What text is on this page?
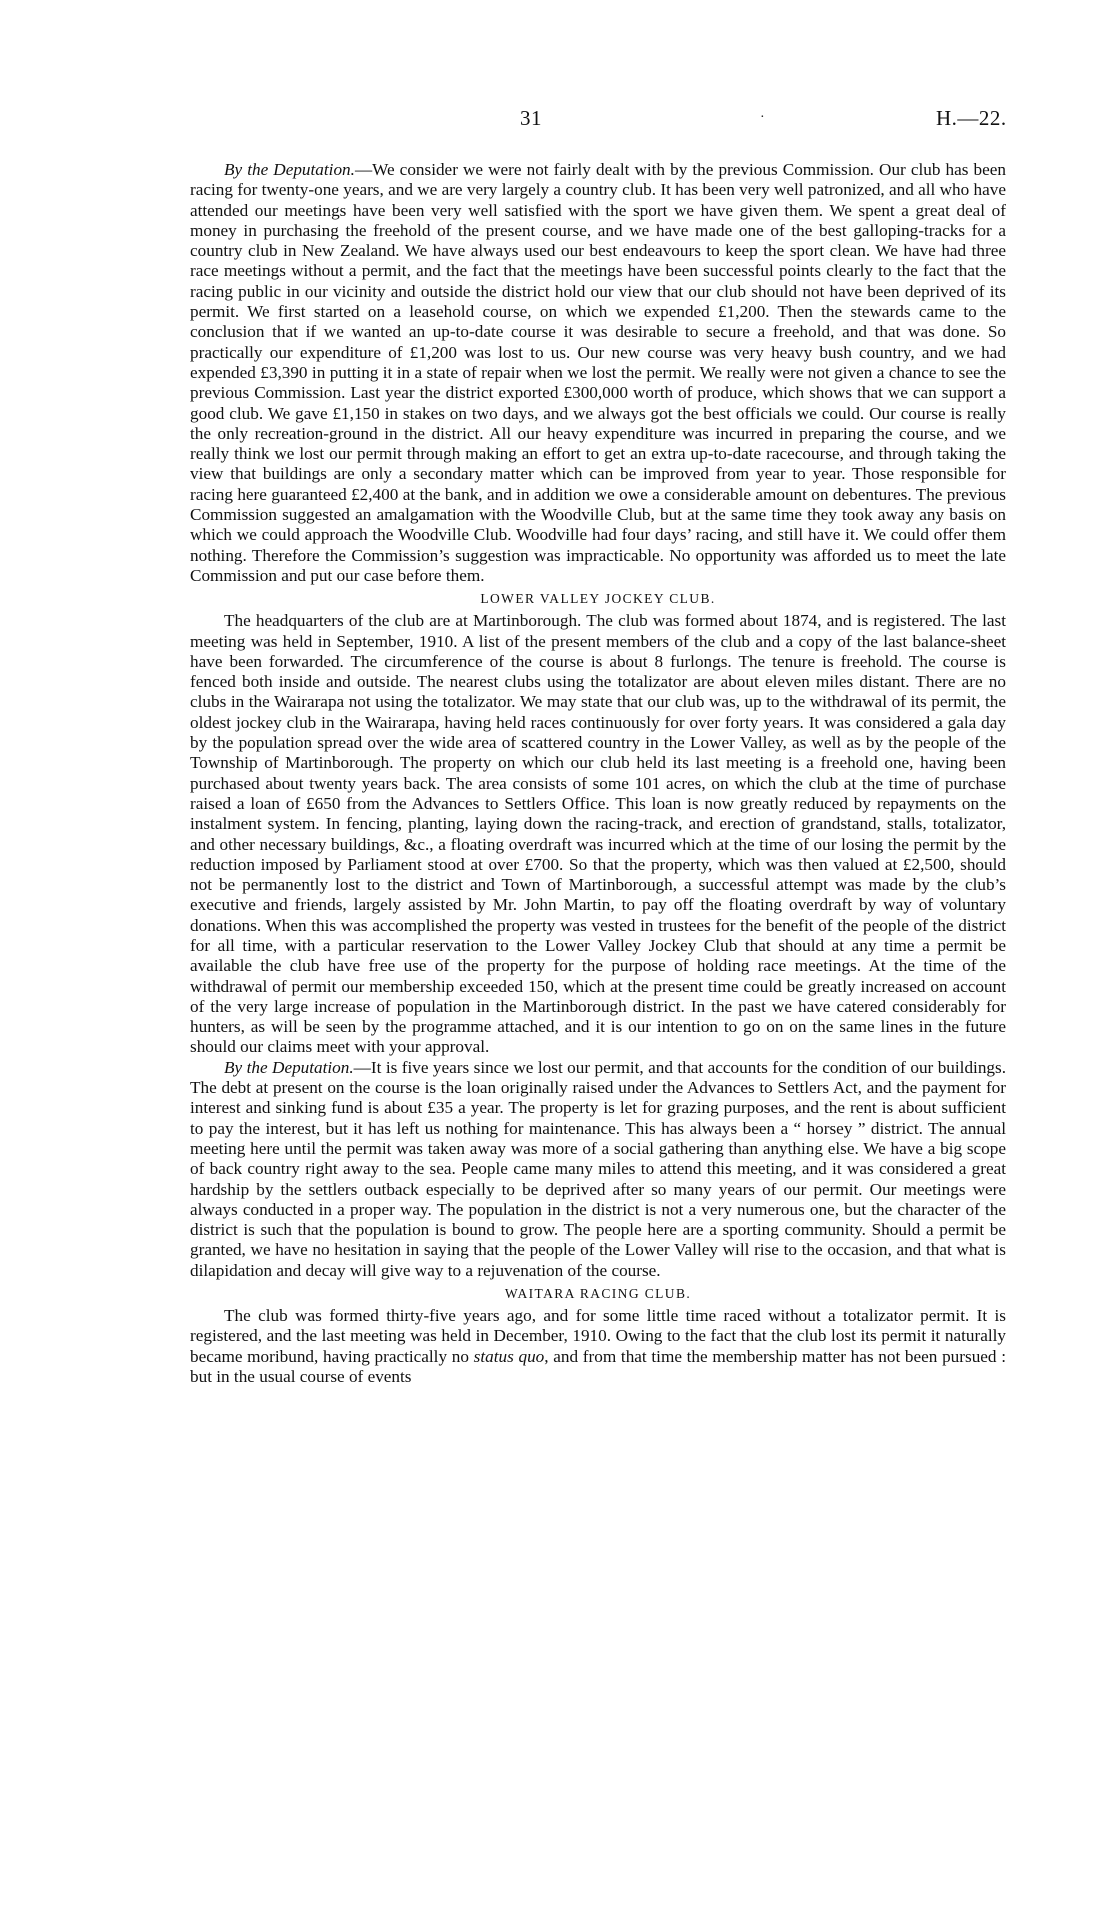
31	·	H.—22.

By the Deputation.—We consider we were not fairly dealt with by the previous Commission. Our club has been racing for twenty-one years, and we are very largely a country club. It has been very well patronized, and all who have attended our meetings have been very well satisfied with the sport we have given them. We spent a great deal of money in purchasing the freehold of the present course, and we have made one of the best galloping-tracks for a country club in New Zealand. We have always used our best endeavours to keep the sport clean. We have had three race meetings without a permit, and the fact that the meetings have been successful points clearly to the fact that the racing public in our vicinity and outside the district hold our view that our club should not have been deprived of its permit. We first started on a leasehold course, on which we expended £1,200. Then the stewards came to the conclusion that if we wanted an up-to-date course it was desirable to secure a freehold, and that was done. So practically our expenditure of £1,200 was lost to us. Our new course was very heavy bush country, and we had expended £3,390 in putting it in a state of repair when we lost the permit. We really were not given a chance to see the previous Commission. Last year the district exported £300,000 worth of produce, which shows that we can support a good club. We gave £1,150 in stakes on two days, and we always got the best officials we could. Our course is really the only recreation-ground in the district. All our heavy expenditure was incurred in preparing the course, and we really think we lost our permit through making an effort to get an extra up-to-date racecourse, and through taking the view that buildings are only a secondary matter which can be improved from year to year. Those responsible for racing here guaranteed £2,400 at the bank, and in addition we owe a considerable amount on debentures. The previous Commission suggested an amalgamation with the Woodville Club, but at the same time they took away any basis on which we could approach the Woodville Club. Woodville had four days’ racing, and still have it. We could offer them nothing. Therefore the Commission’s suggestion was impracticable. No opportunity was afforded us to meet the late Commission and put our case before them.

LOWER VALLEY JOCKEY CLUB.

The headquarters of the club are at Martinborough. The club was formed about 1874, and is registered. The last meeting was held in September, 1910. A list of the present members of the club and a copy of the last balance-sheet have been forwarded. The circumference of the course is about 8 furlongs. The tenure is freehold. The course is fenced both inside and outside. The nearest clubs using the totalizator are about eleven miles distant. There are no clubs in the Wairarapa not using the totalizator. We may state that our club was, up to the withdrawal of its permit, the oldest jockey club in the Wairarapa, having held races continuously for over forty years. It was considered a gala day by the population spread over the wide area of scattered country in the Lower Valley, as well as by the people of the Township of Martinborough. The property on which our club held its last meeting is a freehold one, having been purchased about twenty years back. The area consists of some 101 acres, on which the club at the time of purchase raised a loan of £650 from the Advances to Settlers Office. This loan is now greatly reduced by repayments on the instalment system. In fencing, planting, laying down the racing-track, and erection of grandstand, stalls, totalizator, and other necessary buildings, &c., a floating overdraft was incurred which at the time of our losing the permit by the reduction imposed by Parliament stood at over £700. So that the property, which was then valued at £2,500, should not be permanently lost to the district and Town of Martinborough, a successful attempt was made by the club’s executive and friends, largely assisted by Mr. John Martin, to pay off the floating overdraft by way of voluntary donations. When this was accomplished the property was vested in trustees for the benefit of the people of the district for all time, with a particular reservation to the Lower Valley Jockey Club that should at any time a permit be available the club have free use of the property for the purpose of holding race meetings. At the time of the withdrawal of permit our membership exceeded 150, which at the present time could be greatly increased on account of the very large increase of population in the Martinborough district. In the past we have catered considerably for hunters, as will be seen by the programme attached, and it is our intention to go on on the same lines in the future should our claims meet with your approval.

By the Deputation.—It is five years since we lost our permit, and that accounts for the condition of our buildings. The debt at present on the course is the loan originally raised under the Advances to Settlers Act, and the payment for interest and sinking fund is about £35 a year. The property is let for grazing purposes, and the rent is about sufficient to pay the interest, but it has left us nothing for maintenance. This has always been a “ horsey ” district. The annual meeting here until the permit was taken away was more of a social gathering than anything else. We have a big scope of back country right away to the sea. People came many miles to attend this meeting, and it was considered a great hardship by the settlers outback especially to be deprived after so many years of our permit. Our meetings were always conducted in a proper way. The population in the district is not a very numerous one, but the character of the district is such that the population is bound to grow. The people here are a sporting community. Should a permit be granted, we have no hesitation in saying that the people of the Lower Valley will rise to the occasion, and that what is dilapidation and decay will give way to a rejuvenation of the course.

WAITARA RACING CLUB.

The club was formed thirty-five years ago, and for some little time raced without a totalizator permit. It is registered, and the last meeting was held in December, 1910. Owing to the fact that the club lost its permit it naturally became moribund, having practically no status quo, and from that time the membership matter has not been pursued : but in the usual course of events
